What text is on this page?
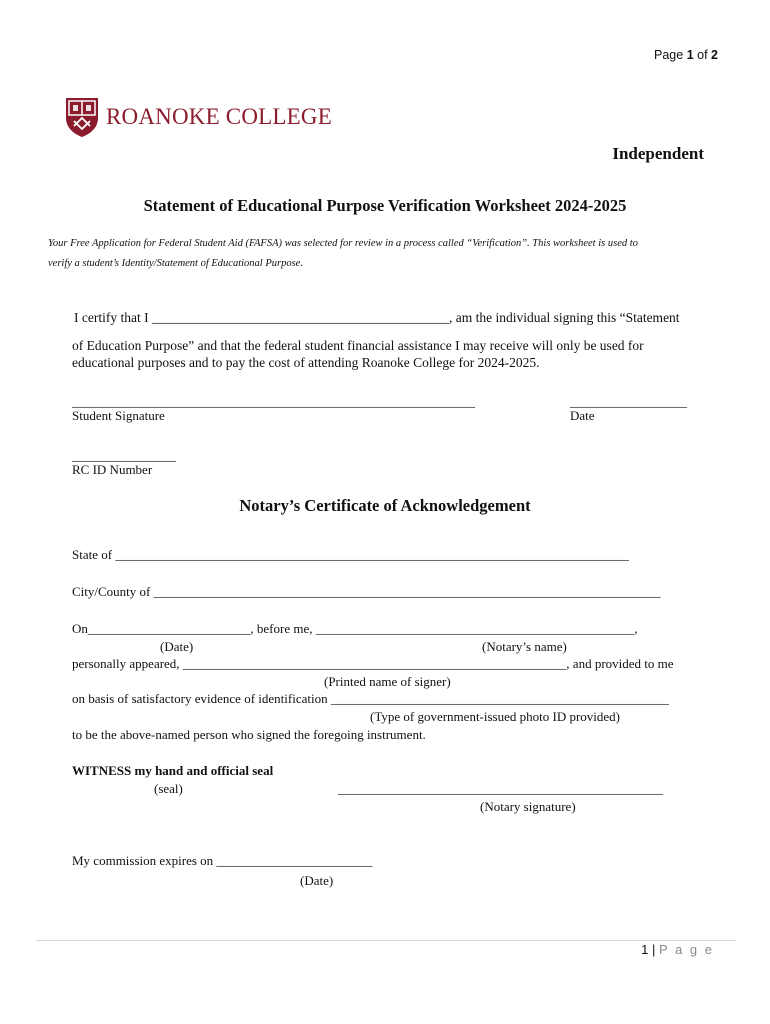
Page 1 of 2
ROANOKE COLLEGE
Independent
Statement of Educational Purpose Verification Worksheet 2024-2025
Your Free Application for Federal Student Aid (FAFSA) was selected for review in a process called “Verification”. This worksheet is used to
verify a student’s Identity/Statement of Educational Purpose.
I certify that I ____________________________________________, am the individual signing this “Statement
of Education Purpose” and that the federal student financial assistance I may receive will only be used for educational purposes and to pay the cost of attending Roanoke College for 2024-2025.
______________________________________________________________	__________________
Student Signature	Date
________________
RC ID Number
Notary’s Certificate of Acknowledgement
State of _______________________________________________________________________________
City/County of ______________________________________________________________________________
On_________________________, before me, _________________________________________________,
(Date)	(Notary’s name)
personally appeared, ___________________________________________________________, and provided to me
(Printed name of signer)
on basis of satisfactory evidence of identification ____________________________________________________
(Type of government-issued photo ID provided)
to be the above-named person who signed the foregoing instrument.
WITNESS my hand and official seal
(seal)	__________________________________________________
(Notary signature)
My commission expires on ________________________
(Date)
1 | P a g e
